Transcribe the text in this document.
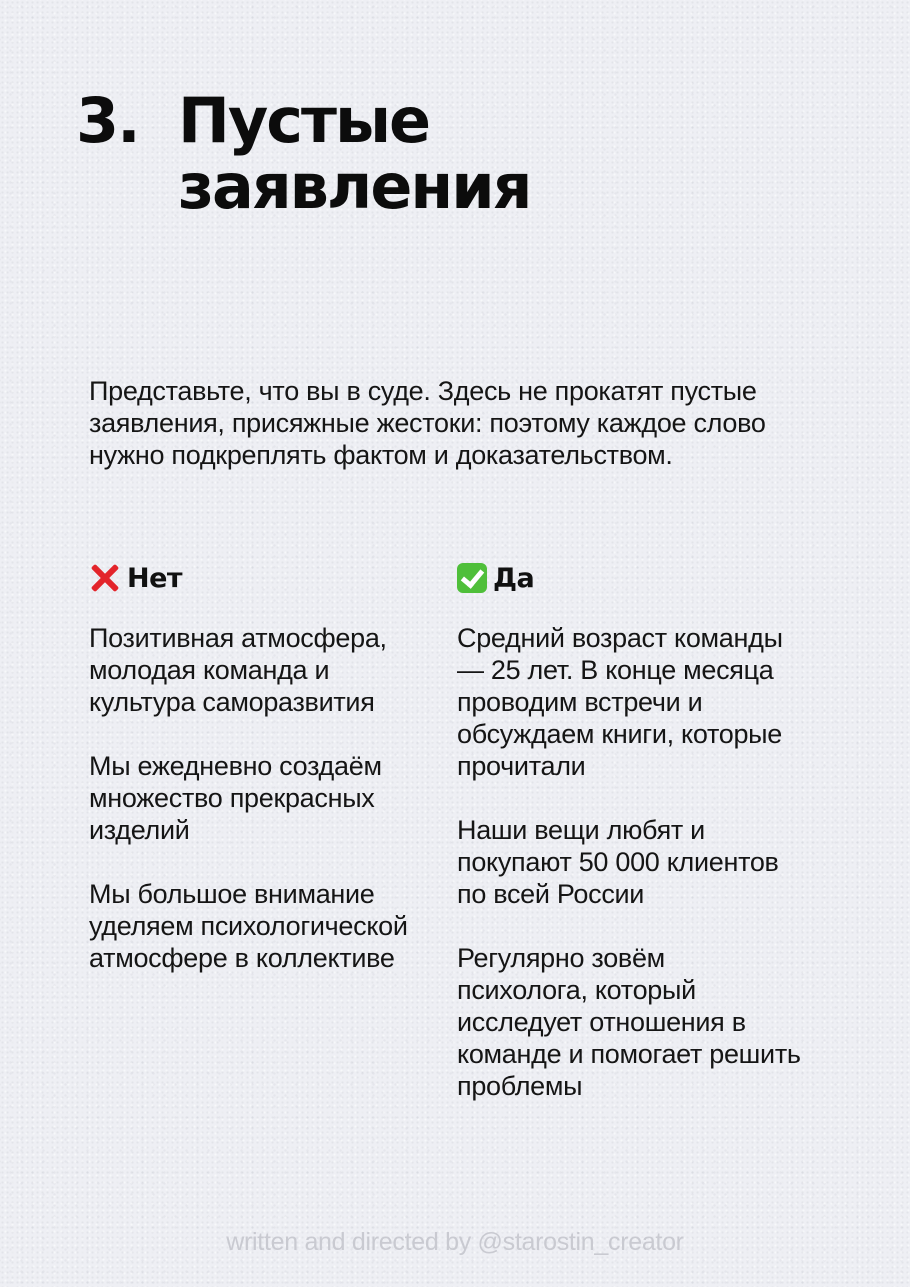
3. Пустые заявления
Представьте, что вы в суде. Здесь не прокатят пустые заявления, присяжные жестоки: поэтому каждое слово нужно подкреплять фактом и доказательством.
Нет
Позитивная атмосфера, молодая команда и культура саморазвития
Мы ежедневно создаём множество прекрасных изделий
Мы большое внимание уделяем психологической атмосфере в коллективе
Да
Средний возраст команды — 25 лет. В конце месяца проводим встречи и обсуждаем книги, которые прочитали
Наши вещи любят и покупают 50 000 клиентов по всей России
Регулярно зовём психолога, который исследует отношения в команде и помогает решить проблемы
written and directed by @starostin_creator
